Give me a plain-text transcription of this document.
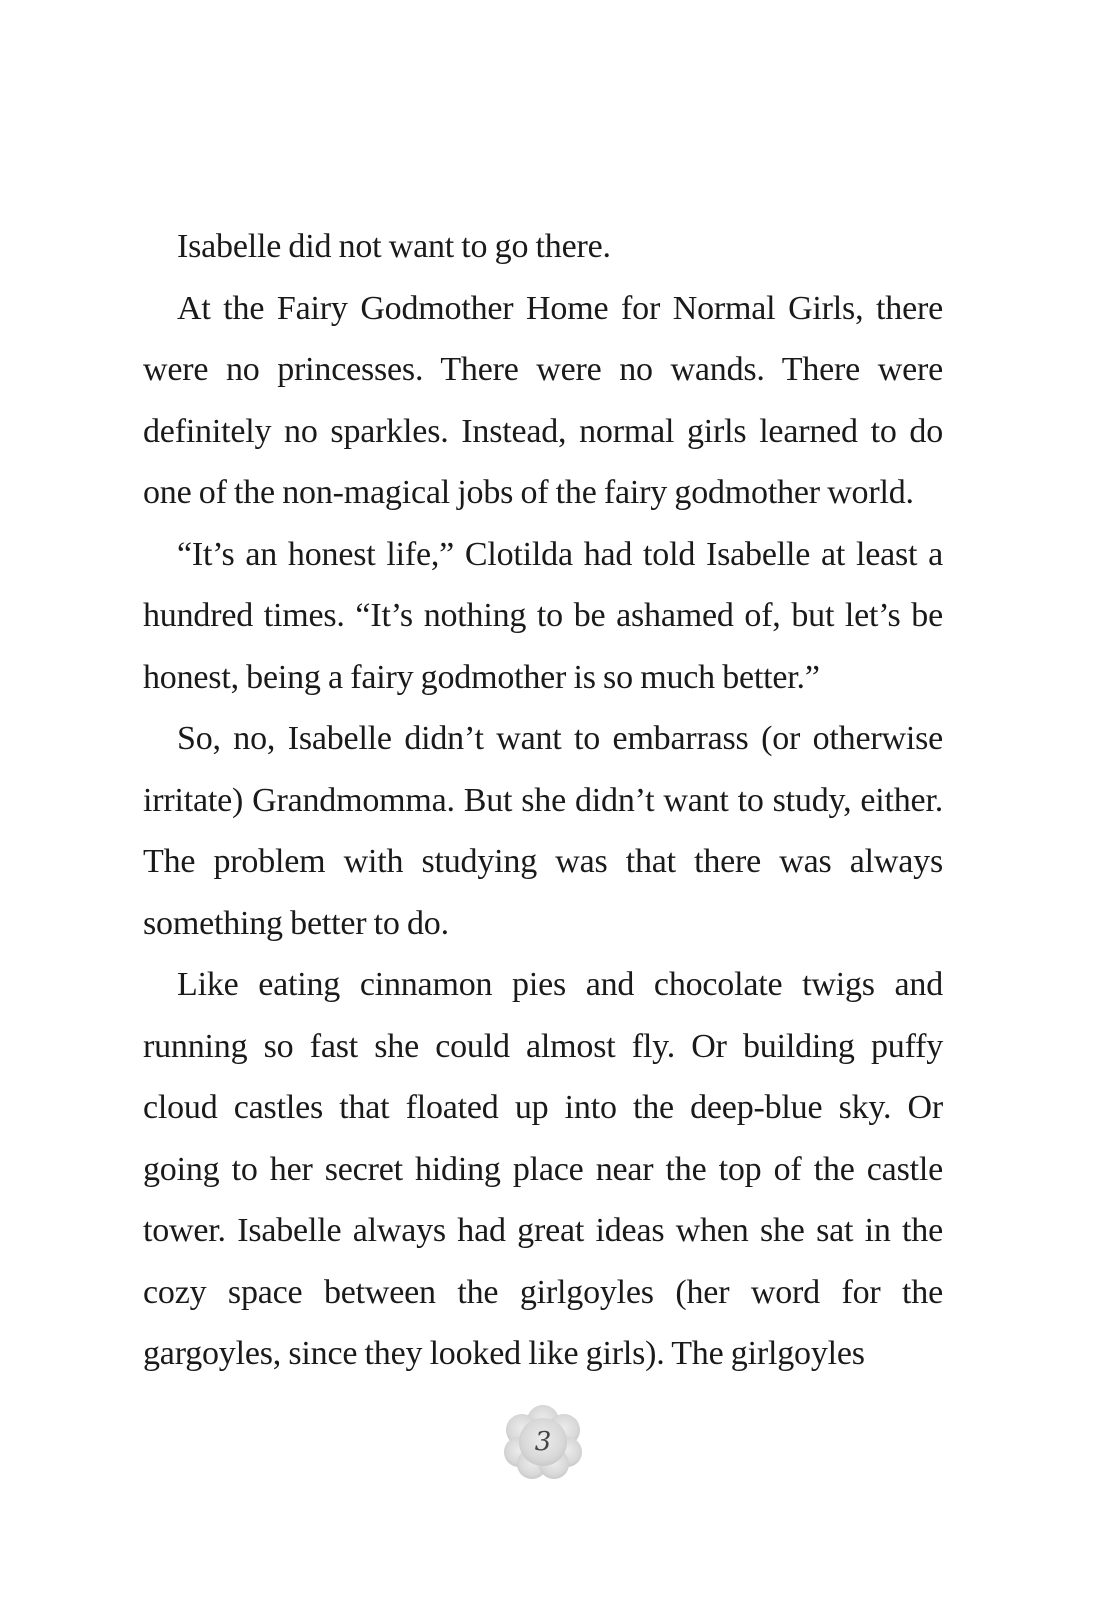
Isabelle did not want to go there.

At the Fairy Godmother Home for Normal Girls, there were no princesses. There were no wands. There were definitely no sparkles. Instead, normal girls learned to do one of the non-magical jobs of the fairy godmother world.

“It’s an honest life,” Clotilda had told Isabelle at least a hundred times. “It’s nothing to be ashamed of, but let’s be honest, being a fairy godmother is so much better.”

So, no, Isabelle didn’t want to embarrass (or otherwise irritate) Grandmomma. But she didn’t want to study, either. The problem with studying was that there was always something better to do.

Like eating cinnamon pies and chocolate twigs and running so fast she could almost fly. Or building puffy cloud castles that floated up into the deep-blue sky. Or going to her secret hiding place near the top of the castle tower. Isabelle always had great ideas when she sat in the cozy space between the girlgoyles (her word for the gargoyles, since they looked like girls). The girlgoyles

3
